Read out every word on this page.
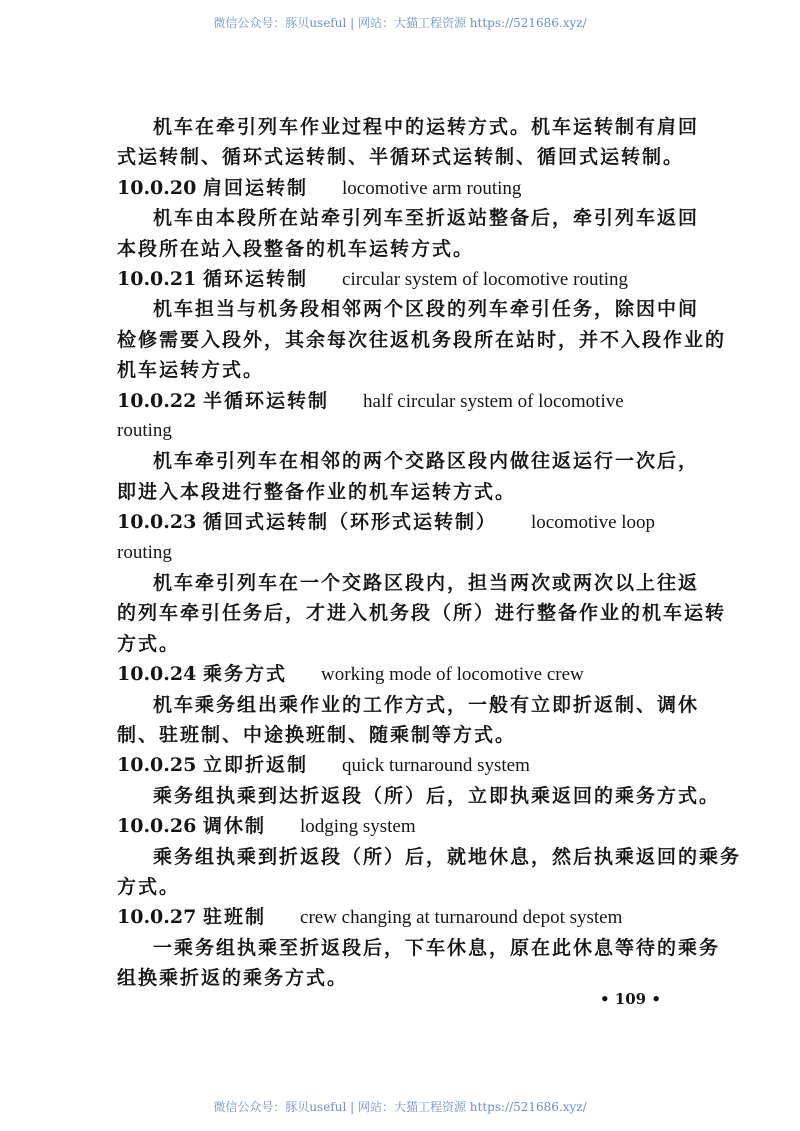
微信公众号：豚贝useful | 网站：大猫工程资源 https://521686.xyz/
机车在牵引列车作业过程中的运转方式。机车运转制有肩回
式运转制、循环式运转制、半循环式运转制、循回式运转制。
10.0.20 肩回运转制 locomotive arm routing
机车由本段所在站牵引列车至折返站整备后，牵引列车返回
本段所在站入段整备的机车运转方式。
10.0.21 循环运转制 circular system of locomotive routing
机车担当与机务段相邻两个区段的列车牵引任务，除因中间
检修需要入段外，其余每次往返机务段所在站时，并不入段作业的
机车运转方式。
10.0.22 半循环运转制 half circular system of locomotive
routing
机车牵引列车在相邻的两个交路区段内做往返运行一次后，
即进入本段进行整备作业的机车运转方式。
10.0.23 循回式运转制（环形式运转制） locomotive loop
routing
机车牵引列车在一个交路区段内，担当两次或两次以上往返
的列车牵引任务后，才进入机务段（所）进行整备作业的机车运转
方式。
10.0.24 乘务方式 working mode of locomotive crew
机车乘务组出乘作业的工作方式，一般有立即折返制、调休
制、驻班制、中途换班制、随乘制等方式。
10.0.25 立即折返制 quick turnaround system
乘务组执乘到达折返段（所）后，立即执乘返回的乘务方式。
10.0.26 调休制 lodging system
乘务组执乘到折返段（所）后，就地休息，然后执乘返回的乘务
方式。
10.0.27 驻班制 crew changing at turnaround depot system
一乘务组执乘至折返段后，下车休息，原在此休息等待的乘务
组换乘折返的乘务方式。
• 109 •
微信公众号：豚贝useful | 网站：大猫工程资源 https://521686.xyz/
